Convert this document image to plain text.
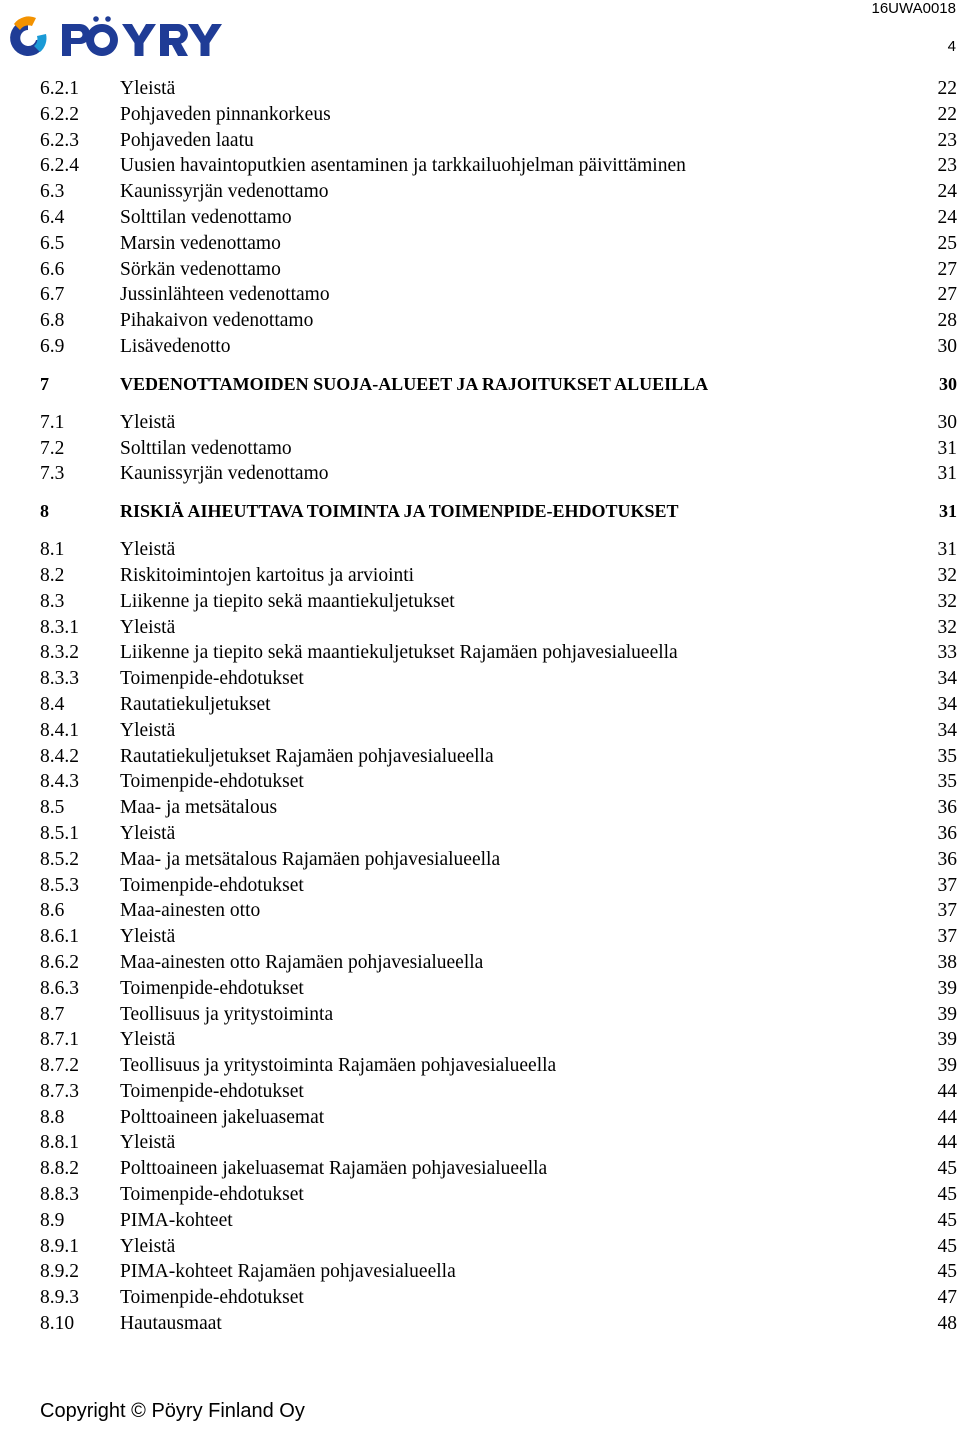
16UWA0018
4
6.2.1 Yleistä	22
6.2.2 Pohjaveden pinnankorkeus	22
6.2.3 Pohjaveden laatu	23
6.2.4 Uusien havaintoputkien asentaminen ja tarkkailuohjelman päivittäminen	23
6.3	Kaunissyrjän vedenottamo	24
6.4	Solttilan vedenottamo	24
6.5	Marsin vedenottamo	25
6.6	Sörkän vedenottamo	27
6.7	Jussinlähteen vedenottamo	27
6.8	Pihakaivon vedenottamo	28
6.9	Lisävedenotto	30
7	VEDENOTTAMOIDEN SUOJA-ALUEET JA RAJOITUKSET ALUEILLA	30
7.1	Yleistä	30
7.2	Solttilan vedenottamo	31
7.3	Kaunissyrjän vedenottamo	31
8	RISKIÄ AIHEUTTAVA TOIMINTA JA TOIMENPIDE-EHDOTUKSET	31
8.1	Yleistä	31
8.2	Riskitoimintojen kartoitus ja arviointi	32
8.3	Liikenne ja tiepito sekä maantiekuljetukset	32
8.3.1 Yleistä	32
8.3.2 Liikenne ja tiepito sekä maantiekuljetukset Rajamäen pohjavesialueella	33
8.3.3 Toimenpide-ehdotukset	34
8.4	Rautatiekuljetukset	34
8.4.1 Yleistä	34
8.4.2 Rautatiekuljetukset Rajamäen pohjavesialueella	35
8.4.3 Toimenpide-ehdotukset	35
8.5	Maa- ja metsätalous	36
8.5.1 Yleistä	36
8.5.2 Maa- ja metsätalous Rajamäen pohjavesialueella	36
8.5.3 Toimenpide-ehdotukset	37
8.6	Maa-ainesten otto	37
8.6.1 Yleistä	37
8.6.2 Maa-ainesten otto Rajamäen pohjavesialueella	38
8.6.3 Toimenpide-ehdotukset	39
8.7	Teollisuus ja yritystoiminta	39
8.7.1 Yleistä	39
8.7.2 Teollisuus ja yritystoiminta Rajamäen pohjavesialueella	39
8.7.3 Toimenpide-ehdotukset	44
8.8	Polttoaineen jakeluasemat	44
8.8.1 Yleistä	44
8.8.2 Polttoaineen jakeluasemat Rajamäen pohjavesialueella	45
8.8.3 Toimenpide-ehdotukset	45
8.9	PIMA-kohteet	45
8.9.1 Yleistä	45
8.9.2 PIMA-kohteet Rajamäen pohjavesialueella	45
8.9.3 Toimenpide-ehdotukset	47
8.10 Hautausmaat	48
Copyright © Pöyry Finland Oy
